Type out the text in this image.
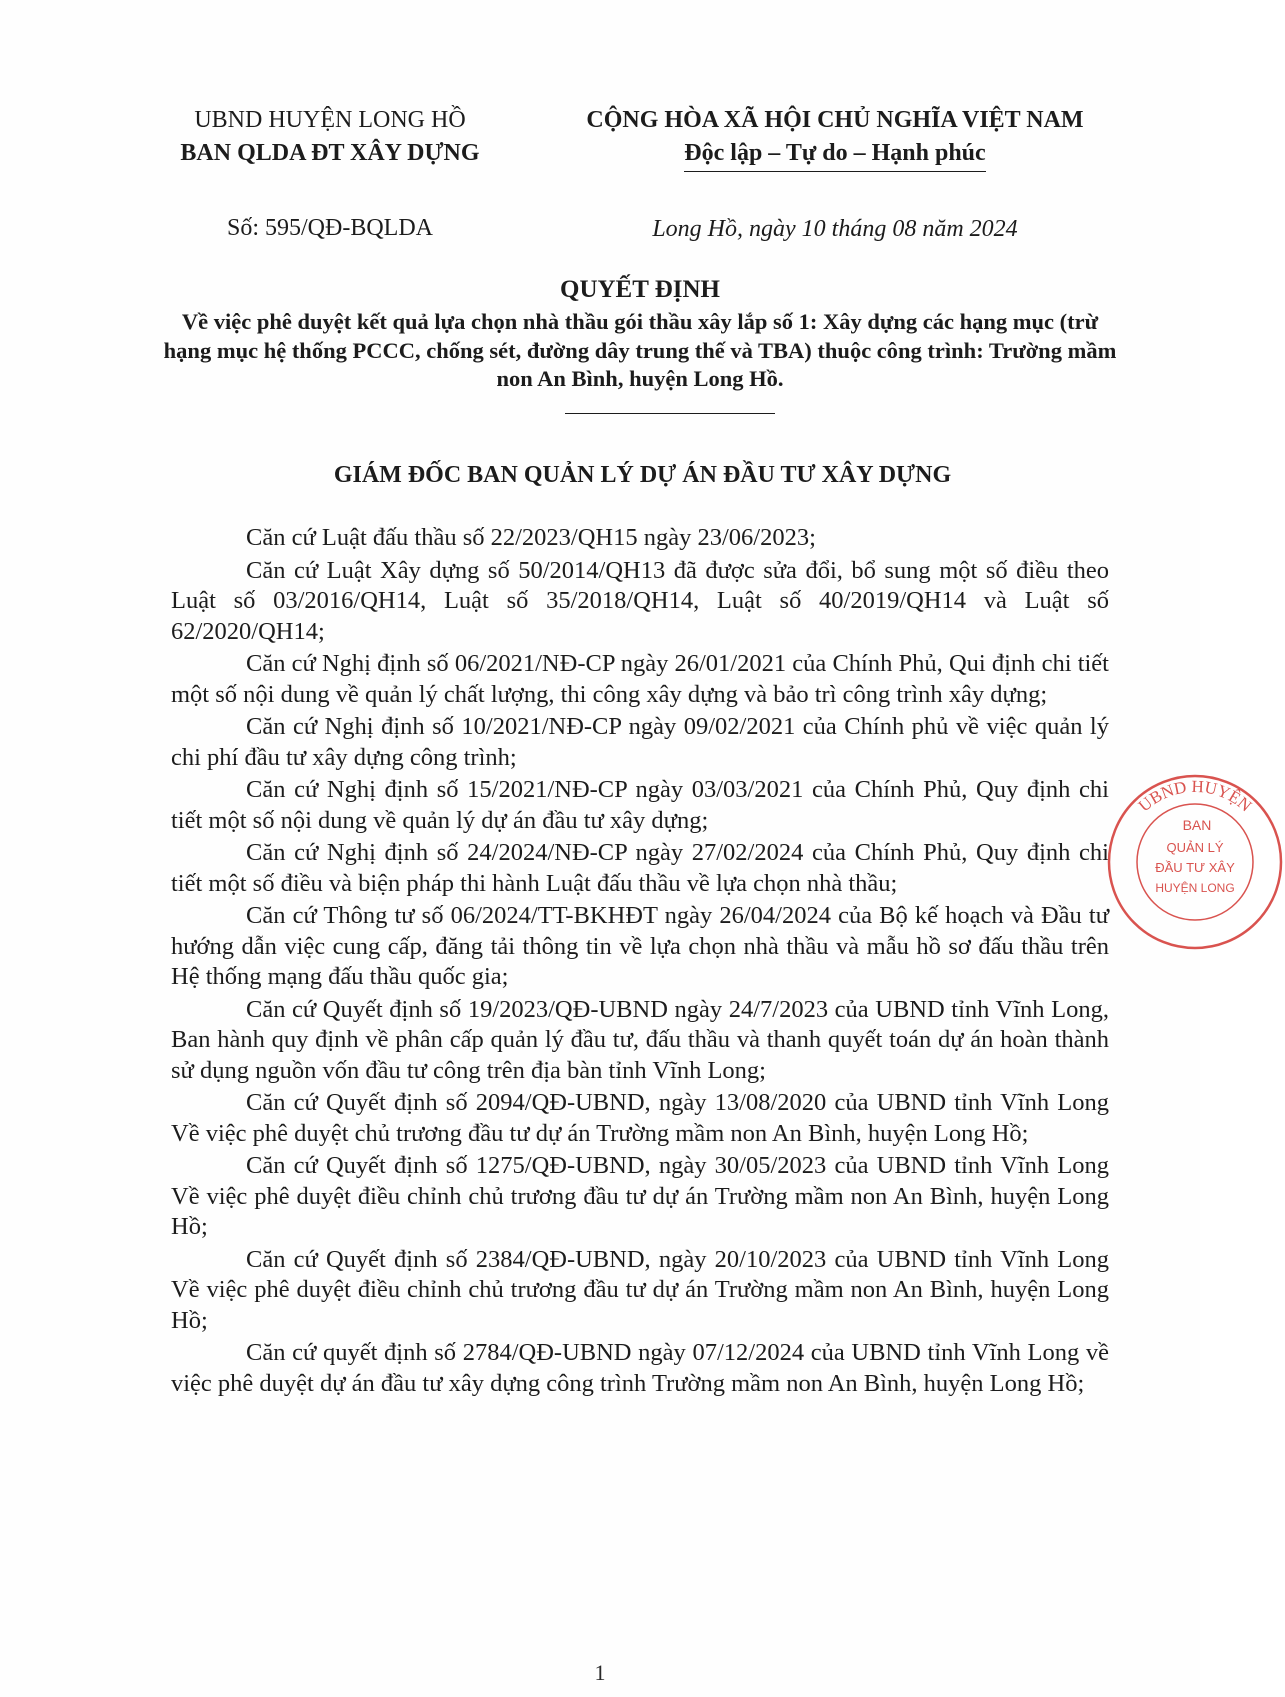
UBND HUYỆN LONG HỒ
BAN QLDA ĐT XÂY DỰNG
Số: 595/QĐ-BQLDA
CỘNG HÒA XÃ HỘI CHỦ NGHĨA VIỆT NAM
Độc lập – Tự do – Hạnh phúc
Long Hồ, ngày 10 tháng 08 năm 2024
QUYẾT ĐỊNH
Về việc phê duyệt kết quả lựa chọn nhà thầu gói thầu xây lắp số 1: Xây dựng các hạng mục (trừ hạng mục hệ thống PCCC, chống sét, đường dây trung thế và TBA) thuộc công trình: Trường mầm non An Bình, huyện Long Hồ.
GIÁM ĐỐC BAN QUẢN LÝ DỰ ÁN ĐẦU TƯ XÂY DỰNG

Căn cứ Luật đấu thầu số 22/2023/QH15 ngày 23/06/2023;

Căn cứ Luật Xây dựng số 50/2014/QH13 đã được sửa đổi, bổ sung một số điều theo Luật số 03/2016/QH14, Luật số 35/2018/QH14, Luật số 40/2019/QH14 và Luật số 62/2020/QH14;

Căn cứ Nghị định số 06/2021/NĐ-CP ngày 26/01/2021 của Chính Phủ, Qui định chi tiết một số nội dung về quản lý chất lượng, thi công xây dựng và bảo trì công trình xây dựng;

Căn cứ Nghị định số 10/2021/NĐ-CP ngày 09/02/2021 của Chính phủ về việc quản lý chi phí đầu tư xây dựng công trình;

Căn cứ Nghị định số 15/2021/NĐ-CP ngày 03/03/2021 của Chính Phủ, Quy định chi tiết một số nội dung về quản lý dự án đầu tư xây dựng;

Căn cứ Nghị định số 24/2024/NĐ-CP ngày 27/02/2024 của Chính Phủ, Quy định chi tiết một số điều và biện pháp thi hành Luật đấu thầu về lựa chọn nhà thầu;

Căn cứ Thông tư số 06/2024/TT-BKHĐT ngày 26/04/2024 của Bộ kế hoạch và Đầu tư hướng dẫn việc cung cấp, đăng tải thông tin về lựa chọn nhà thầu và mẫu hồ sơ đấu thầu trên Hệ thống mạng đấu thầu quốc gia;

Căn cứ Quyết định số 19/2023/QĐ-UBND ngày 24/7/2023 của UBND tỉnh Vĩnh Long, Ban hành quy định về phân cấp quản lý đầu tư, đấu thầu và thanh quyết toán dự án hoàn thành sử dụng nguồn vốn đầu tư công trên địa bàn tỉnh Vĩnh Long;

Căn cứ Quyết định số 2094/QĐ-UBND, ngày 13/08/2020 của UBND tỉnh Vĩnh Long Về việc phê duyệt chủ trương đầu tư dự án Trường mầm non An Bình, huyện Long Hồ;

Căn cứ Quyết định số 1275/QĐ-UBND, ngày 30/05/2023 của UBND tỉnh Vĩnh Long Về việc phê duyệt điều chỉnh chủ trương đầu tư dự án Trường mầm non An Bình, huyện Long Hồ;

Căn cứ Quyết định số 2384/QĐ-UBND, ngày 20/10/2023 của UBND tỉnh Vĩnh Long Về việc phê duyệt điều chỉnh chủ trương đầu tư dự án Trường mầm non An Bình, huyện Long Hồ;

Căn cứ quyết định số 2784/QĐ-UBND ngày 07/12/2024 của UBND tỉnh Vĩnh Long về việc phê duyệt dự án đầu tư xây dựng công trình Trường mầm non An Bình, huyện Long Hồ;

UBND HUYỆN
BAN
QUẢN LÝ
ĐẦU TƯ XÂY
HUYỆN LONG
1
